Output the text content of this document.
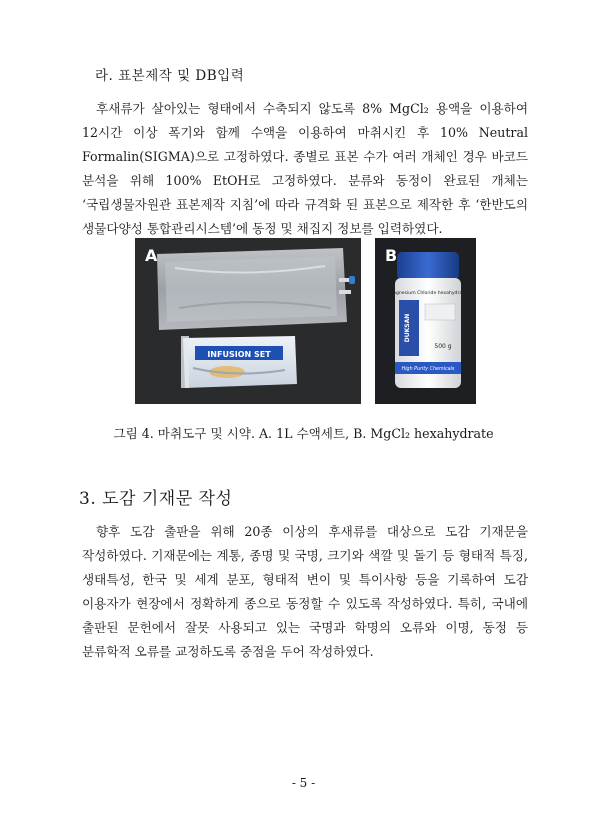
라. 표본제작 및 DB입력
후새류가 살아있는 형태에서 수축되지 않도록 8% MgCl₂ 용액을 이용하여 12시간 이상 폭기와 함께 수액을 이용하여 마취시킨 후 10% Neutral Formalin(SIGMA)으로 고정하였다. 종별로 표본 수가 여러 개체인 경우 바코드 분석을 위해 100% EtOH로 고정하였다. 분류와 동정이 완료된 개체는 ‘국립생물자원관 표본제작 지침’에 따라 규격화 된 표본으로 제작한 후 ‘한반도의 생물다양성 통합관리시스템’에 동정 및 채집지 정보를 입력하였다.
INFUSION SET
A
Magnesium Chloride hexahydrate
DUKSAN
500 g
High Purity Chemicals
B
그림 4. 마취도구 및 시약. A. 1L 수액세트, B. MgCl₂ hexahydrate
3. 도감 기재문 작성
향후 도감 출판을 위해 20종 이상의 후새류를 대상으로 도감 기재문을 작성하였다. 기재문에는 계통, 종명 및 국명, 크기와 색깔 및 돌기 등 형태적 특징, 생태특성, 한국 및 세계 분포, 형태적 변이 및 특이사항 등을 기록하여 도감 이용자가 현장에서 정확하게 종으로 동정할 수 있도록 작성하였다. 특히, 국내에 출판된 문헌에서 잘못 사용되고 있는 국명과 학명의 오류와 이명, 동정 등 분류학적 오류를 교정하도록 중점을 두어 작성하였다.
- 5 -
